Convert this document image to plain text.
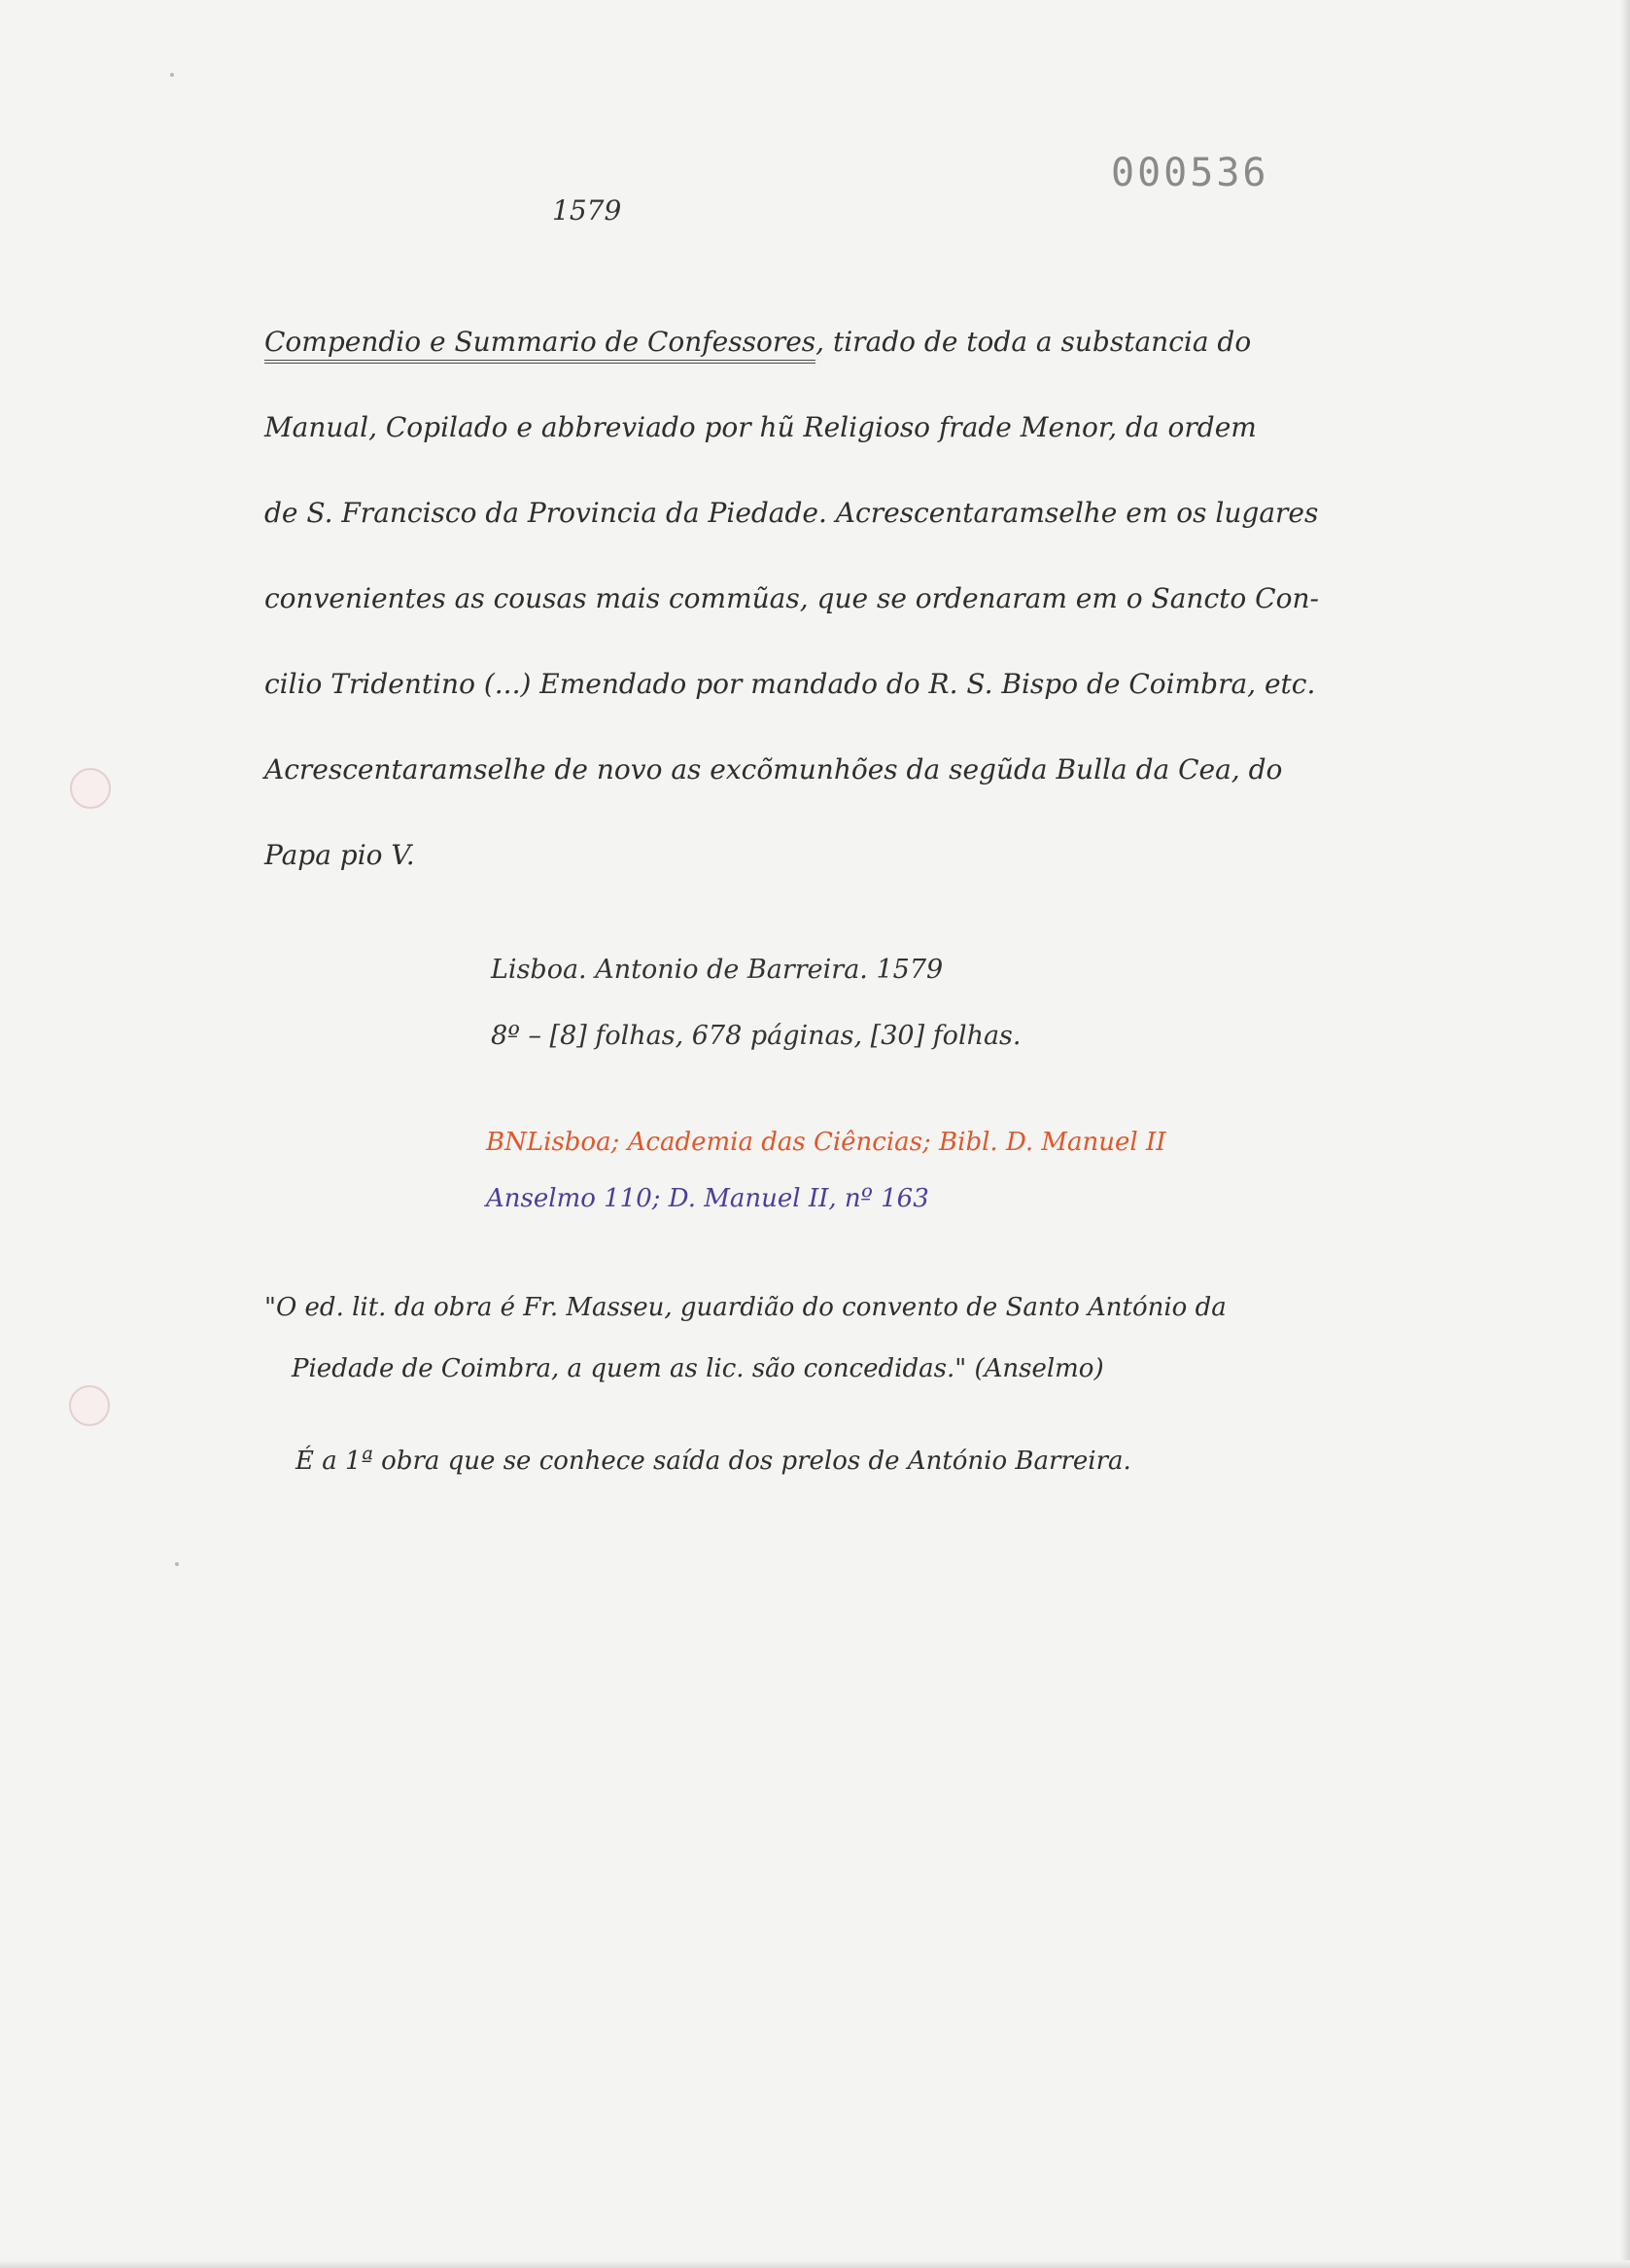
000536
1579
Compendio e Summario de Confessores, tirado de toda a substancia do
Manual, Copilado e abbreviado por hũ Religioso frade Menor, da ordem
de S. Francisco da Provincia da Piedade. Acrescentaramselhe em os lugares
convenientes as cousas mais commũas, que se ordenaram em o Sancto Con-
cilio Tridentino (...) Emendado por mandado do R. S. Bispo de Coimbra, etc.
Acrescentaramselhe de novo as excõmunhões da segũda Bulla da Cea, do
Papa pio V.
Lisboa. Antonio de Barreira. 1579
8º – [8] folhas, 678 páginas, [30] folhas.
BNLisboa; Academia das Ciências; Bibl. D. Manuel II
Anselmo 110; D. Manuel II, nº 163
"O ed. lit. da obra é Fr. Masseu, guardião do convento de Santo António da
Piedade de Coimbra, a quem as lic. são concedidas." (Anselmo)
É a 1ª obra que se conhece saída dos prelos de António Barreira.
